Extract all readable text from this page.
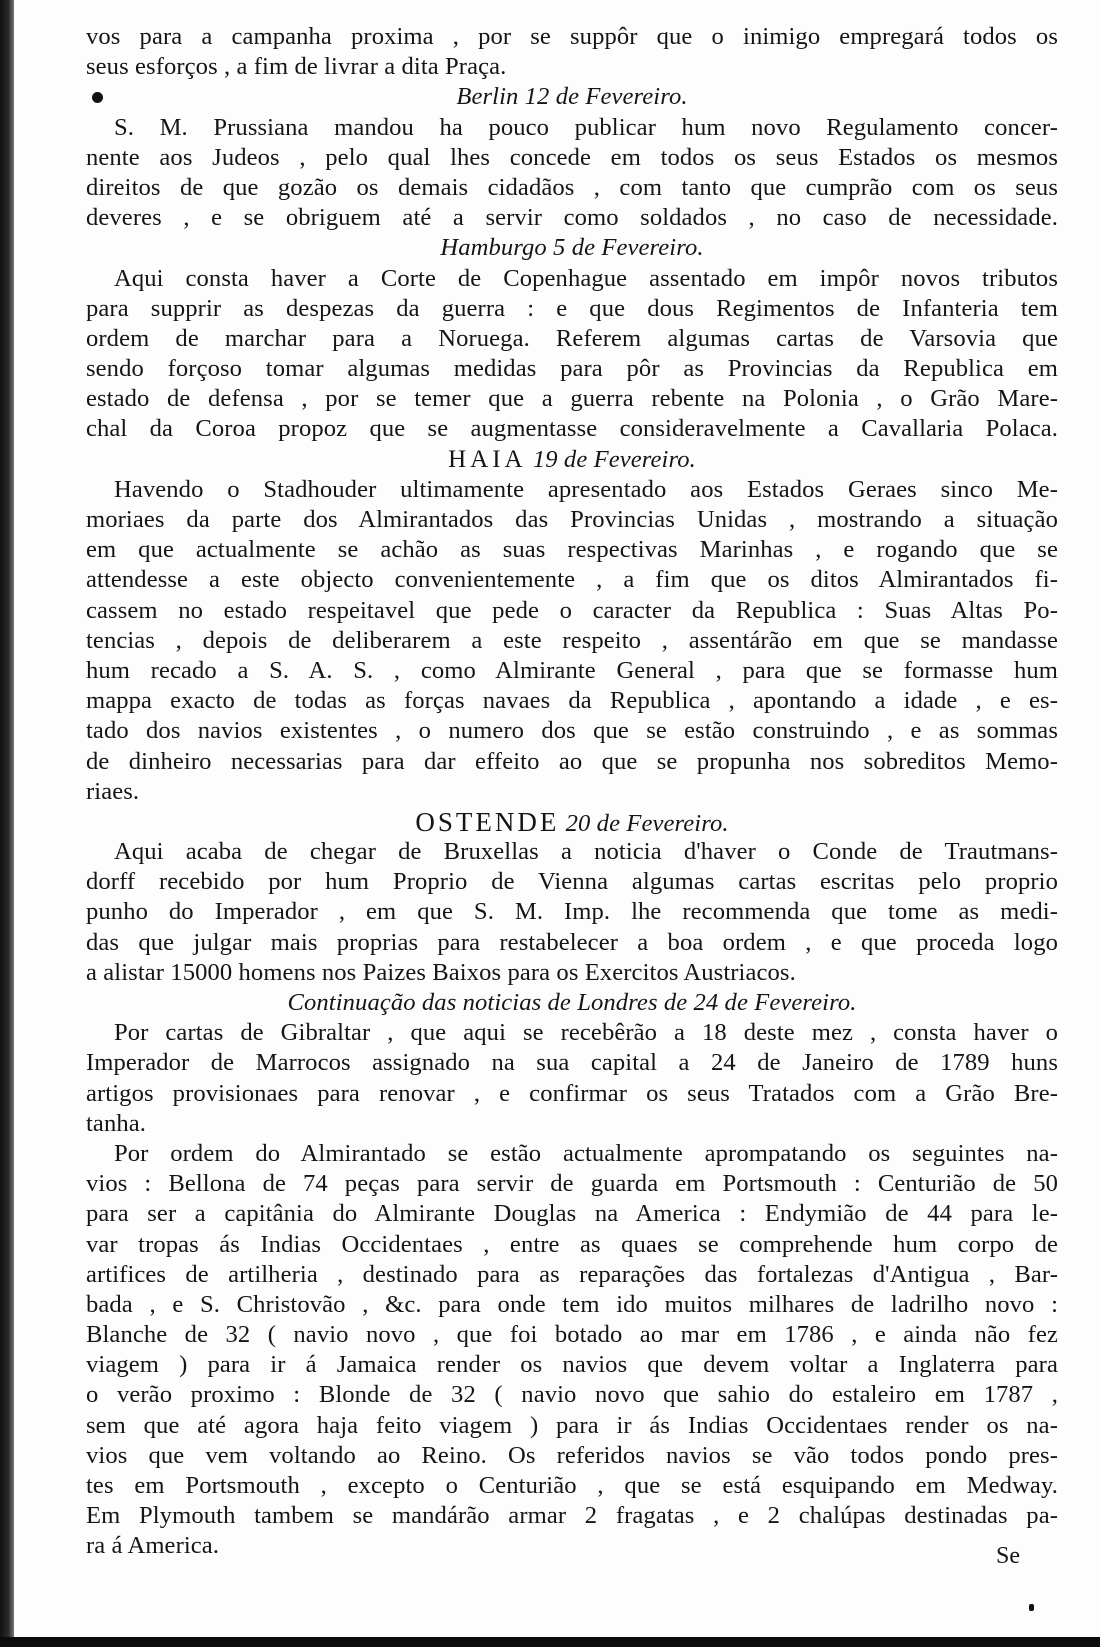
vos para a campanha proxima , por se suppôr que o inimigo empregará todos os
seus esforços , a fim de livrar a dita Praça.
Berlin 12 de Fevereiro.
S. M. Prussiana mandou ha pouco publicar hum novo Regulamento concer-
nente aos Judeos , pelo qual lhes concede em todos os seus Estados os mesmos
direitos de que gozão os demais cidadãos , com tanto que cumprão com os seus
deveres , e se obriguem até a servir como soldados , no caso de necessidade.
Hamburgo 5 de Fevereiro.
Aqui consta haver a Corte de Copenhague assentado em impôr novos tributos
para supprir as despezas da guerra : e que dous Regimentos de Infanteria tem
ordem de marchar para a Noruega. Referem algumas cartas de Varsovia que
sendo forçoso tomar algumas medidas para pôr as Provincias da Republica em
estado de defensa , por se temer que a guerra rebente na Polonia , o Grão Mare-
chal da Coroa propoz que se augmentasse consideravelmente a Cavallaria Polaca.
HAIA 19 de Fevereiro.
Havendo o Stadhouder ultimamente apresentado aos Estados Geraes sinco Me-
moriaes da parte dos Almirantados das Provincias Unidas , mostrando a situação
em que actualmente se achão as suas respectivas Marinhas , e rogando que se
attendesse a este objecto convenientemente , a fim que os ditos Almirantados fi-
cassem no estado respeitavel que pede o caracter da Republica : Suas Altas Po-
tencias , depois de deliberarem a este respeito , assentárão em que se mandasse
hum recado a S. A. S. , como Almirante General , para que se formasse hum
mappa exacto de todas as forças navaes da Republica , apontando a idade , e es-
tado dos navios existentes , o numero dos que se estão construindo , e as sommas
de dinheiro necessarias para dar effeito ao que se propunha nos sobreditos Memo-
riaes.
OSTENDE 20 de Fevereiro.
Aqui acaba de chegar de Bruxellas a noticia d'haver o Conde de Trautmans-
dorff recebido por hum Proprio de Vienna algumas cartas escritas pelo proprio
punho do Imperador , em que S. M. Imp. lhe recommenda que tome as medi-
das que julgar mais proprias para restabelecer a boa ordem , e que proceda logo
a alistar 15000 homens nos Paizes Baixos para os Exercitos Austriacos.
Continuação das noticias de Londres de 24 de Fevereiro.
Por cartas de Gibraltar , que aqui se recebêrão a 18 deste mez , consta haver o
Imperador de Marrocos assignado na sua capital a 24 de Janeiro de 1789 huns
artigos provisionaes para renovar , e confirmar os seus Tratados com a Grão Bre-
tanha.
Por ordem do Almirantado se estão actualmente aprompatando os seguintes na-
vios : Bellona de 74 peças para servir de guarda em Portsmouth : Centurião de 50
para ser a capitânia do Almirante Douglas na America : Endymião de 44 para le-
var tropas ás Indias Occidentaes , entre as quaes se comprehende hum corpo de
artifices de artilheria , destinado para as reparações das fortalezas d'Antigua , Bar-
bada , e S. Christovão , &c. para onde tem ido muitos milhares de ladrilho novo :
Blanche de 32 ( navio novo , que foi botado ao mar em 1786 , e ainda não fez
viagem ) para ir á Jamaica render os navios que devem voltar a Inglaterra para
o verão proximo : Blonde de 32 ( navio novo que sahio do estaleiro em 1787 ,
sem que até agora haja feito viagem ) para ir ás Indias Occidentaes render os na-
vios que vem voltando ao Reino. Os referidos navios se vão todos pondo pres-
tes em Portsmouth , excepto o Centurião , que se está esquipando em Medway.
Em Plymouth tambem se mandárão armar 2 fragatas , e 2 chalúpas destinadas pa-
ra á America.	Se
